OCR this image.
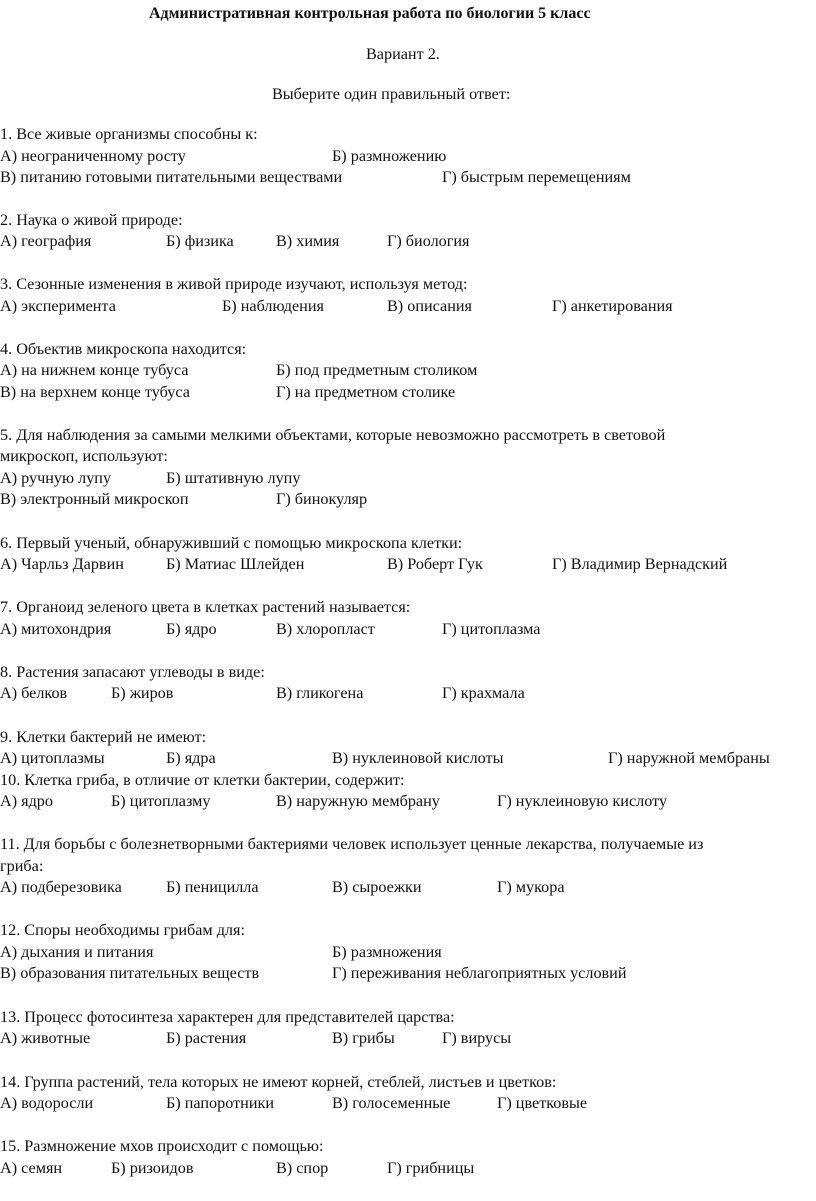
Административная контрольная работа по биологии 5 класс
Вариант 2.
Выберите один правильный ответ:
1. Все живые организмы способны к:
А) неограниченному росту	Б) размножению
В) питанию готовыми питательными веществами	Г) быстрым перемещениям
2. Наука о живой природе:
А) география	Б) физика	В) химия	Г) биология
3. Сезонные изменения в живой природе изучают, используя метод:
А) эксперимента	Б) наблюдения	В) описания	Г) анкетирования
4. Объектив микроскопа находится:
А) на нижнем конце тубуса	Б) под предметным столиком
В) на верхнем конце тубуса	Г) на предметном столике
5. Для наблюдения за самыми мелкими объектами, которые невозможно рассмотреть в световой
микроскоп, используют:
А) ручную лупу	Б) штативную лупу
В) электронный микроскоп	Г) бинокуляр
6. Первый ученый, обнаруживший с помощью микроскопа клетки:
А) Чарльз Дарвин	Б) Матиас Шлейден	В) Роберт Гук	Г) Владимир Вернадский
7. Органоид зеленого цвета в клетках растений называется:
А) митохондрия	Б) ядро	В) хлоропласт	Г) цитоплазма
8. Растения запасают углеводы в виде:
А) белков	Б) жиров	В) гликогена	Г) крахмала
9. Клетки бактерий не имеют:
А) цитоплазмы	Б) ядра	В) нуклеиновой кислоты	Г) наружной мембраны
10. Клетка гриба, в отличие от клетки бактерии, содержит:
А) ядро	Б) цитоплазму	В) наружную мембрану	Г) нуклеиновую кислоту
11. Для борьбы с болезнетворными бактериями человек использует ценные лекарства, получаемые из
гриба:
А) подберезовика	Б) пеницилла	В) сыроежки	Г) мукора
12. Споры необходимы грибам для:
А) дыхания и питания	Б) размножения
В) образования питательных веществ	Г) переживания неблагоприятных условий
13. Процесс фотосинтеза характерен для представителей царства:
А) животные	Б) растения	В) грибы	Г) вирусы
14. Группа растений, тела которых не имеют корней, стеблей, листьев и цветков:
А) водоросли	Б) папоротники	В) голосеменные	Г) цветковые
15. Размножение мхов происходит с помощью:
А) семян	Б) ризоидов	В) спор	Г) грибницы
